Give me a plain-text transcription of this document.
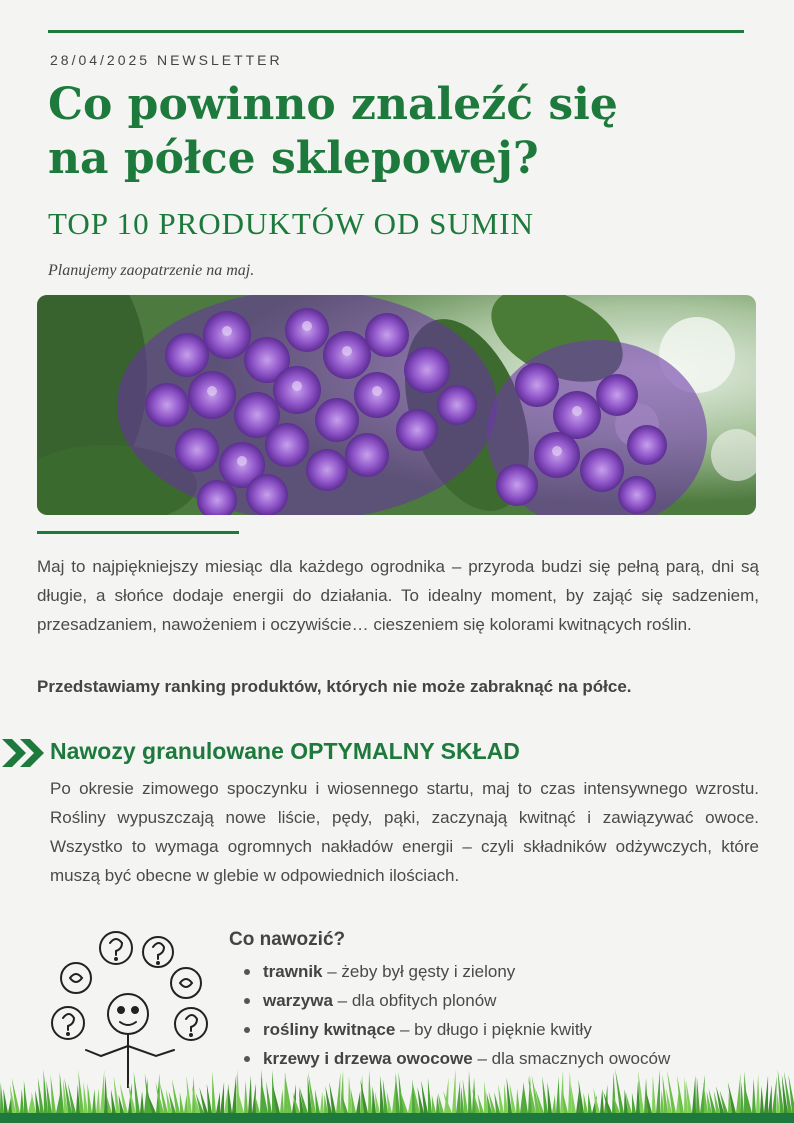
28/04/2025 NEWSLETTER
Co powinno znaleźć się
na półce sklepowej?
TOP 10 PRODUKTÓW OD SUMIN
Planujemy zaopatrzenie na maj.

Maj to najpiękniejszy miesiąc dla każdego ogrodnika – przyroda budzi się pełną parą, dni są długie, a słońce dodaje energii do działania. To idealny moment, by zająć się sadzeniem, przesadzaniem, nawożeniem i oczywiście… cieszeniem się kolorami kwitnących roślin.

Przedstawiamy ranking produktów, których nie może zabraknąć na półce.

Nawozy granulowane OPTYMALNY SKŁAD

Po okresie zimowego spoczynku i wiosennego startu, maj to czas intensywnego wzrostu. Rośliny wypuszczają nowe liście, pędy, pąki, zaczynają kwitnąć i zawiązywać owoce. Wszystko to wymaga ogromnych nakładów energii – czyli składników odżywczych, które muszą być obecne w glebie w odpowiednich ilościach.

Co nawozić?
trawnik – żeby był gęsty i zielony
warzywa – dla obfitych plonów
rośliny kwitnące – by długo i pięknie kwitły
krzewy i drzewa owocowe – dla smacznych owoców
